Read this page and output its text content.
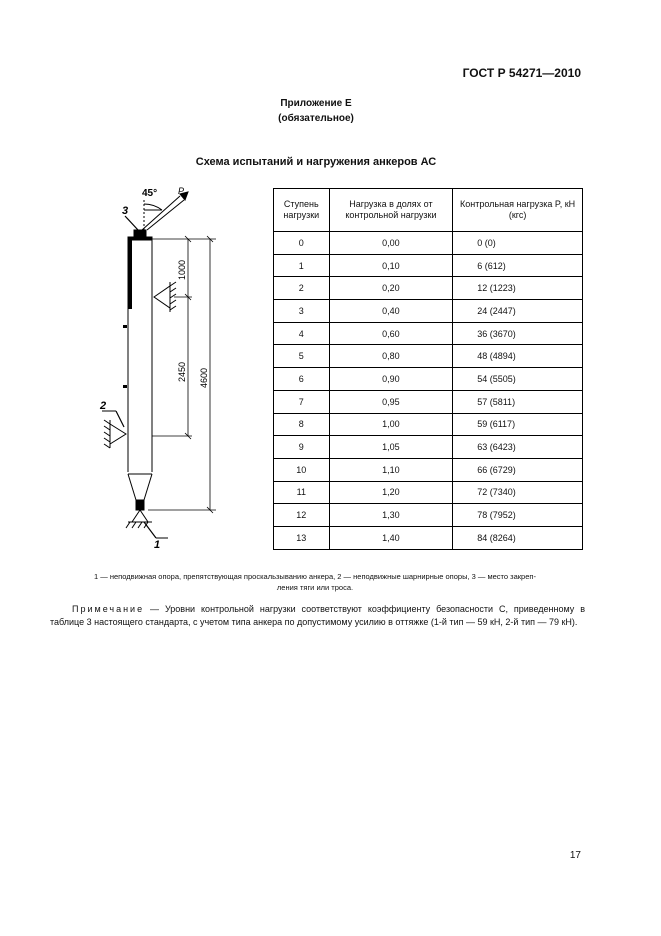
ГОСТ Р 54271—2010
Приложение Е
(обязательное)
Схема испытаний и нагружения анкеров АС
45° P
3
2
1
1000
2450 4600
Ступень нагрузки	Нагрузка в долях от контрольной нагрузки	Контрольная нагрузка P, кН (кгс)
0	0,00	0 (0)
1	0,10	6 (612)
2	0,20	12 (1223)
3	0,40	24 (2447)
4	0,60	36 (3670)
5	0,80	48 (4894)
6	0,90	54 (5505)
7	0,95	57 (5811)
8	1,00	59 (6117)
9	1,05	63 (6423)
10	1,10	66 (6729)
11	1,20	72 (7340)
12	1,30	78 (7952)
13	1,40	84 (8264)
1 — неподвижная опора, препятствующая проскальзыванию анкера, 2 — неподвижные шарнирные опоры, 3 — место закреп-
ления тяги или троса.
Примечание — Уровни контрольной нагрузки соответствуют коэффициенту безопасности С, приведенному в таблице 3 настоящего стандарта, с учетом типа анкера по допустимому усилию в оттяжке (1-й тип — 59 кН, 2-й тип — 79 кН).
17
